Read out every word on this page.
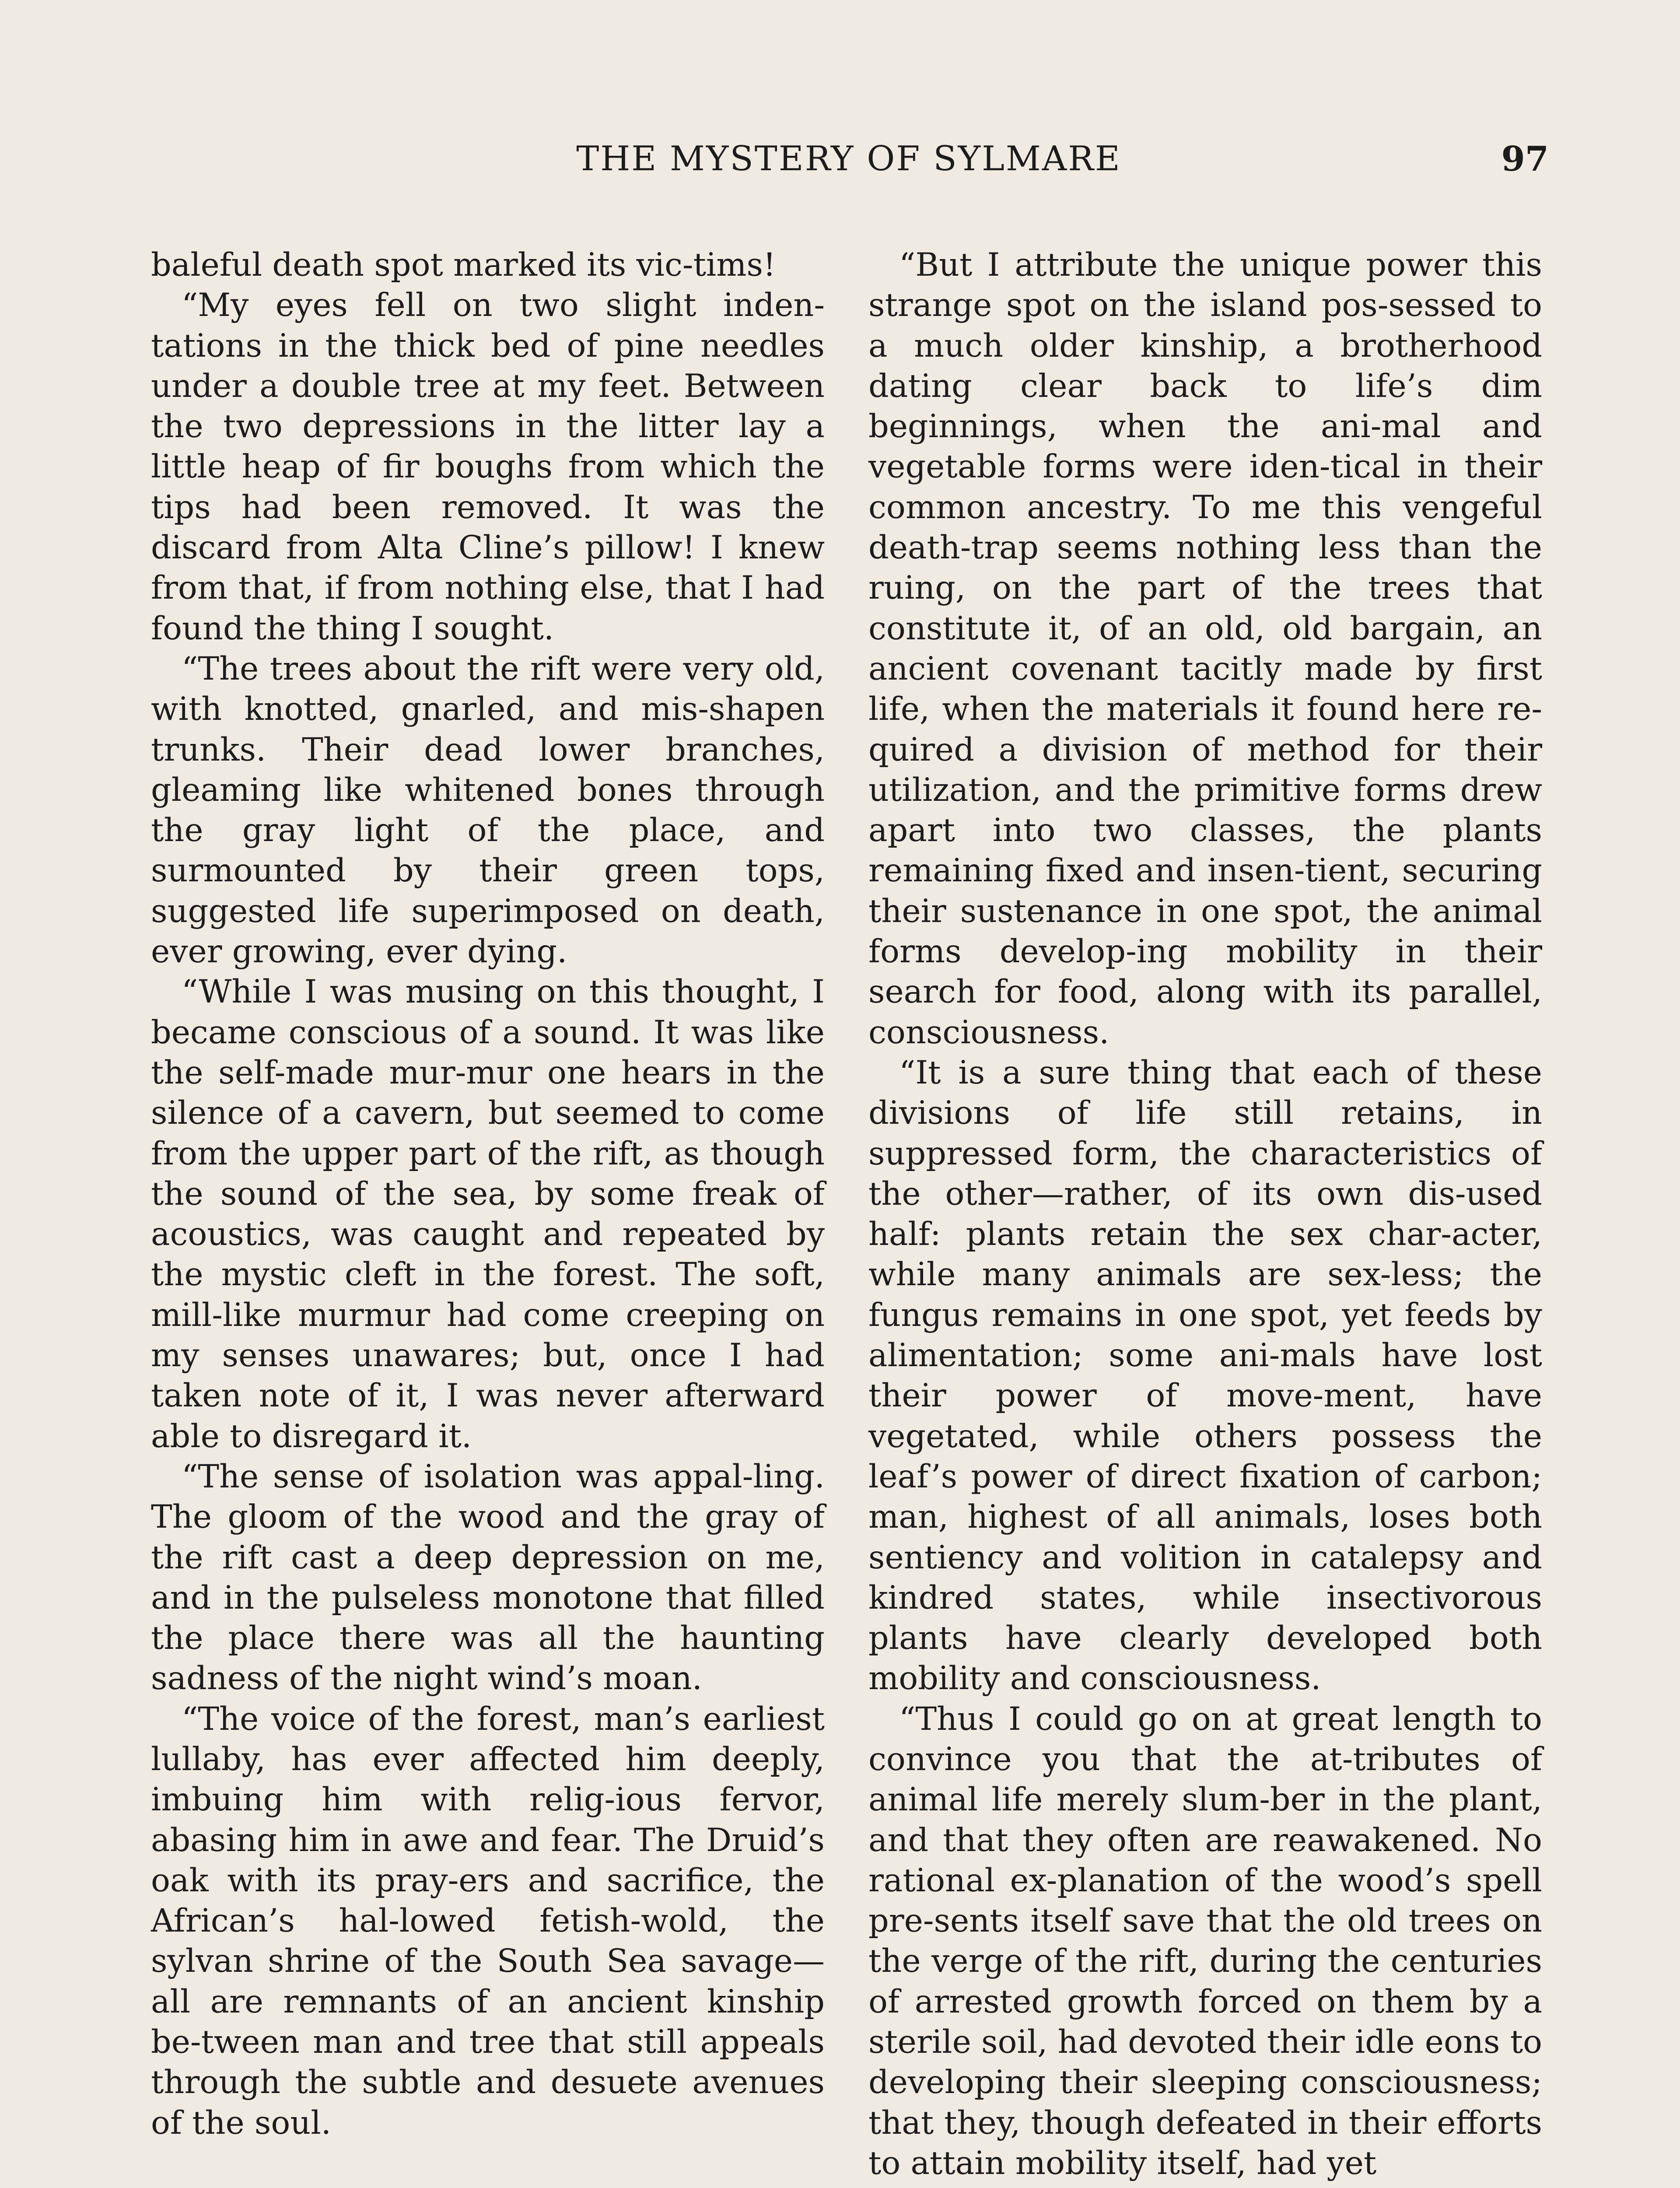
THE MYSTERY OF SYLMARE	97

baleful death spot marked its vic-tims!

“My eyes fell on two slight inden-tations in the thick bed of pine needles under a double tree at my feet. Between the two depressions in the litter lay a little heap of fir boughs from which the tips had been removed. It was the discard from Alta Cline’s pillow! I knew from that, if from nothing else, that I had found the thing I sought.

“The trees about the rift were very old, with knotted, gnarled, and mis-shapen trunks. Their dead lower branches, gleaming like whitened bones through the gray light of the place, and surmounted by their green tops, suggested life superimposed on death, ever growing, ever dying.

“While I was musing on this thought, I became conscious of a sound. It was like the self-made mur-mur one hears in the silence of a cavern, but seemed to come from the upper part of the rift, as though the sound of the sea, by some freak of acoustics, was caught and repeated by the mystic cleft in the forest. The soft, mill-like murmur had come creeping on my senses unawares; but, once I had taken note of it, I was never afterward able to disregard it.

“The sense of isolation was appal-ling. The gloom of the wood and the gray of the rift cast a deep depression on me, and in the pulseless monotone that filled the place there was all the haunting sadness of the night wind’s moan.

“The voice of the forest, man’s earliest lullaby, has ever affected him deeply, imbuing him with relig-ious fervor, abasing him in awe and fear. The Druid’s oak with its pray-ers and sacrifice, the African’s hal-lowed fetish-wold, the sylvan shrine of the South Sea savage—all are remnants of an ancient kinship be-tween man and tree that still appeals through the subtle and desuete avenues of the soul.

“But I attribute the unique power this strange spot on the island pos-sessed to a much older kinship, a brotherhood dating clear back to life’s dim beginnings, when the ani-mal and vegetable forms were iden-tical in their common ancestry. To me this vengeful death-trap seems nothing less than the ruing, on the part of the trees that constitute it, of an old, old bargain, an ancient covenant tacitly made by first life, when the materials it found here re-quired a division of method for their utilization, and the primitive forms drew apart into two classes, the plants remaining fixed and insen-tient, securing their sustenance in one spot, the animal forms develop-ing mobility in their search for food, along with its parallel, consciousness.

“It is a sure thing that each of these divisions of life still retains, in suppressed form, the characteristics of the other—rather, of its own dis-used half: plants retain the sex char-acter, while many animals are sex-less; the fungus remains in one spot, yet feeds by alimentation; some ani-mals have lost their power of move-ment, have vegetated, while others possess the leaf’s power of direct fixation of carbon; man, highest of all animals, loses both sentiency and volition in catalepsy and kindred states, while insectivorous plants have clearly developed both mobility and consciousness.

“Thus I could go on at great length to convince you that the at-tributes of animal life merely slum-ber in the plant, and that they often are reawakened. No rational ex-planation of the wood’s spell pre-sents itself save that the old trees on the verge of the rift, during the centuries of arrested growth forced on them by a sterile soil, had devoted their idle eons to developing their sleeping consciousness; that they, though defeated in their efforts to attain mobility itself, had yet
